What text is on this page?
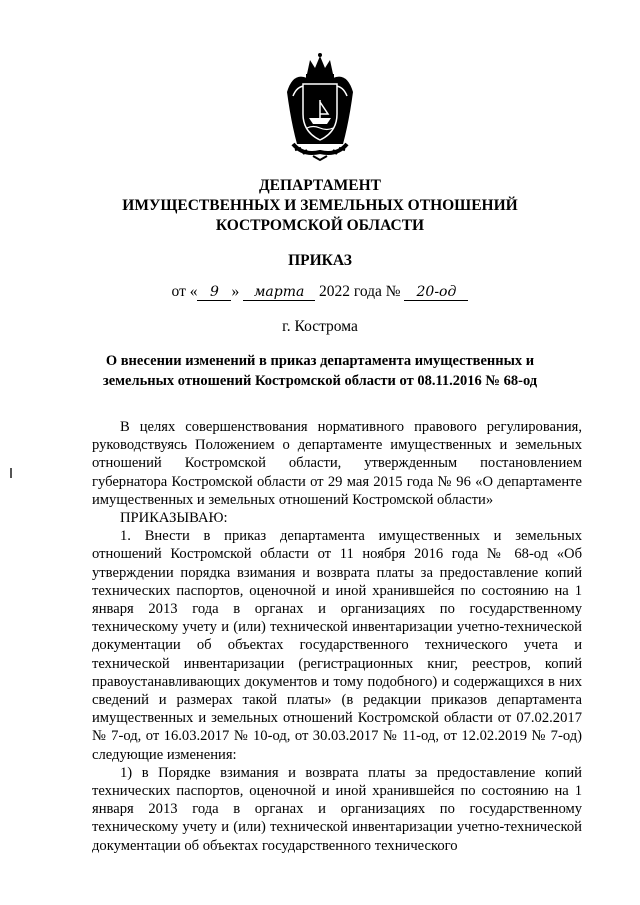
ДЕПАРТАМЕНТ
ИМУЩЕСТВЕННЫХ И ЗЕМЕЛЬНЫХ ОТНОШЕНИЙ
КОСТРОМСКОЙ ОБЛАСТИ
ПРИКАЗ
от « 9 » марта 2022 года № 20-од
г. Кострома
О внесении изменений в приказ департамента имущественных и
земельных отношений Костромской области от 08.11.2016 № 68-од

В целях совершенствования нормативного правового регулирования, руководствуясь Положением о департаменте имущественных и земельных отношений Костромской области, утвержденным постановлением губернатора Костромской области от 29 мая 2015 года № 96 «О департаменте имущественных и земельных отношений Костромской области»

ПРИКАЗЫВАЮ:

1. Внести в приказ департамента имущественных и земельных отношений Костромской области от 11 ноября 2016 года № 68-од «Об утверждении порядка взимания и возврата платы за предоставление копий технических паспортов, оценочной и иной хранившейся по состоянию на 1 января 2013 года в органах и организациях по государственному техническому учету и (или) технической инвентаризации учетно-технической документации об объектах государственного технического учета и технической инвентаризации (регистрационных книг, реестров, копий правоустанавливающих документов и тому подобного) и содержащихся в них сведений и размерах такой платы» (в редакции приказов департамента имущественных и земельных отношений Костромской области от 07.02.2017 № 7-од, от 16.03.2017 № 10-од, от 30.03.2017 № 11-од, от 12.02.2019 № 7-од) следующие изменения:

1) в Порядке взимания и возврата платы за предоставление копий технических паспортов, оценочной и иной хранившейся по состоянию на 1 января 2013 года в органах и организациях по государственному техническому учету и (или) технической инвентаризации учетно-технической документации об объектах государственного технического
